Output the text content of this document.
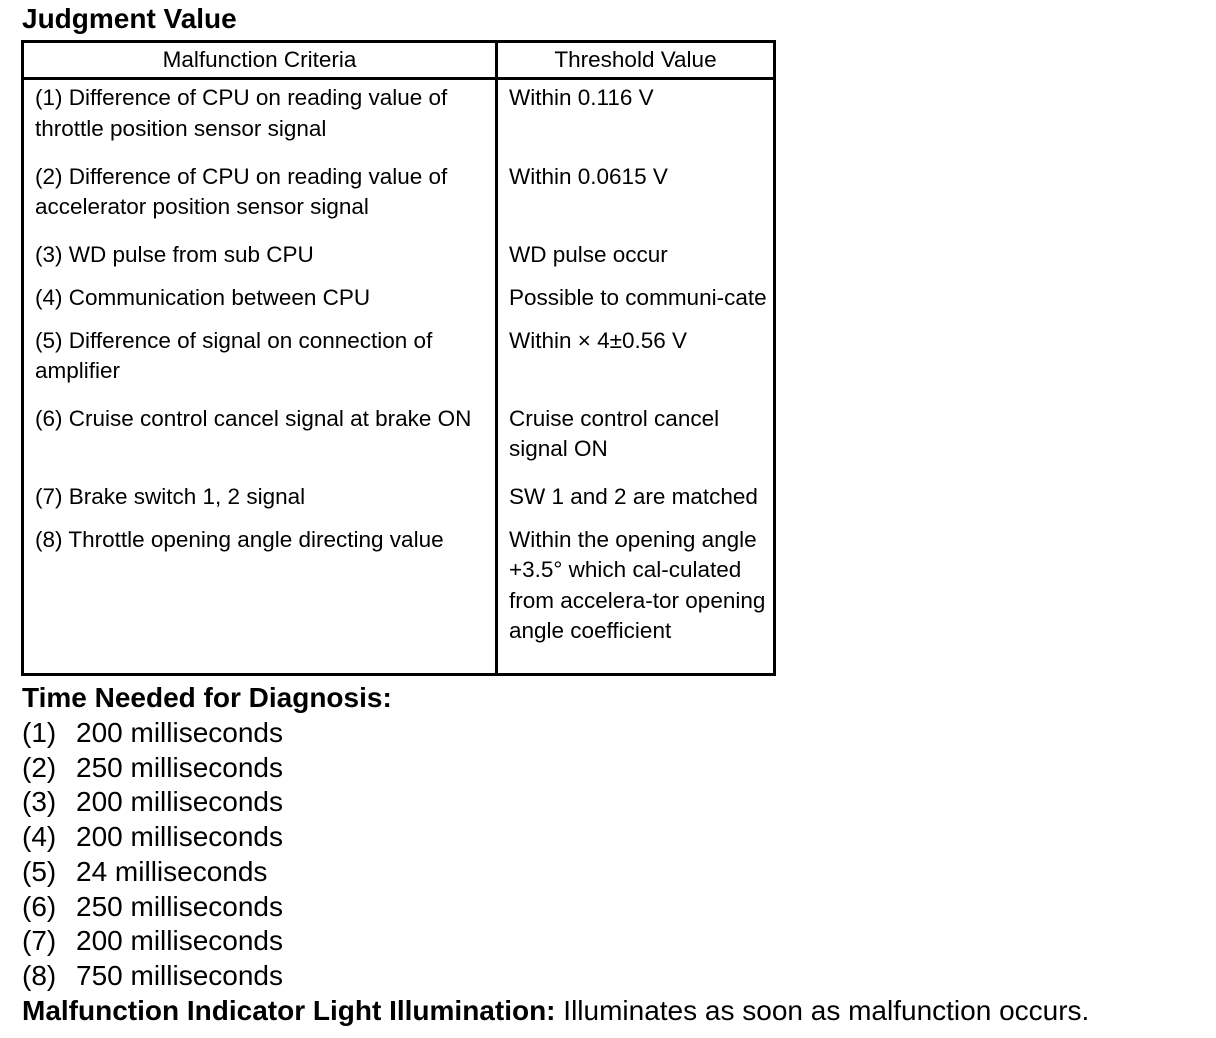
Judgment Value
Malfunction Criteria	Threshold Value
(1) Difference of CPU on reading value of throttle position sensor signal	Within 0.116 V
(2) Difference of CPU on reading value of accelerator position sensor signal	Within 0.0615 V
(3) WD pulse from sub CPU	WD pulse occur
(4) Communication between CPU	Possible to communi-cate
(5) Difference of signal on connection of amplifier	Within × 4±0.56 V
(6) Cruise control cancel signal at brake ON	Cruise control cancel signal ON
(7) Brake switch 1, 2 signal	SW 1 and 2 are matched
(8) Throttle opening angle directing value	Within the opening angle +3.5° which cal-culated from accelera-tor opening angle coefficient
Time Needed for Diagnosis:
(1) 200 milliseconds
(2) 250 milliseconds
(3) 200 milliseconds
(4) 200 milliseconds
(5) 24 milliseconds
(6) 250 milliseconds
(7) 200 milliseconds
(8) 750 milliseconds
Malfunction Indicator Light Illumination: Illuminates as soon as malfunction occurs.
